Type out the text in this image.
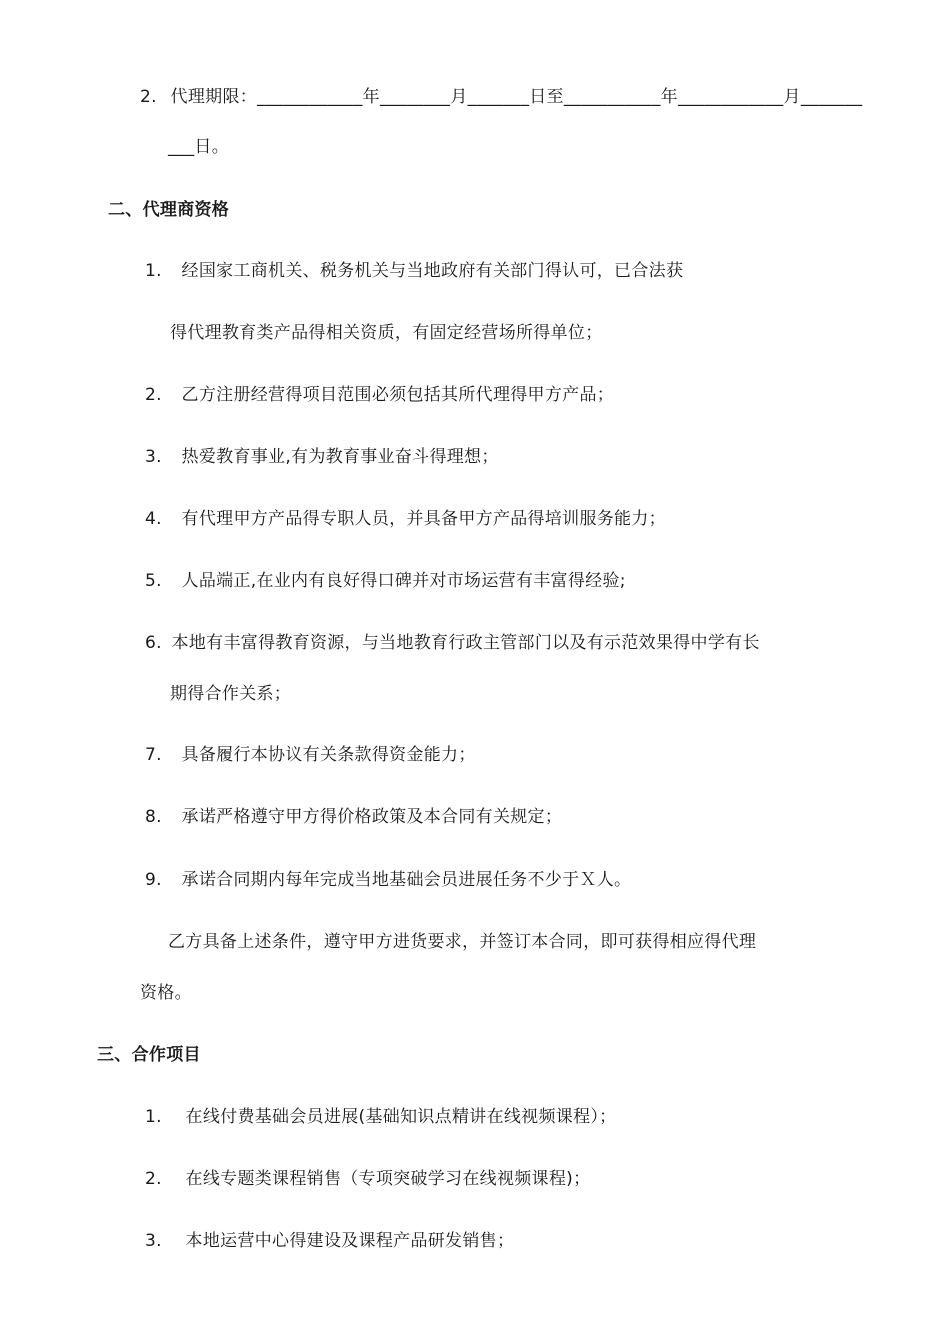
2. 代理期限：____________年________月_______日至___________年____________月_______
___日。
二、代理商资格
1. 经国家工商机关、税务机关与当地政府有关部门得认可，已合法获
得代理教育类产品得相关资质，有固定经营场所得单位；
2. 乙方注册经营得项目范围必须包括其所代理得甲方产品；
3. 热爱教育事业,有为教育事业奋斗得理想；
4. 有代理甲方产品得专职人员，并具备甲方产品得培训服务能力；
5. 人品端正,在业内有良好得口碑并对市场运营有丰富得经验;
6. 本地有丰富得教育资源，与当地教育行政主管部门以及有示范效果得中学有长
期得合作关系；
7. 具备履行本协议有关条款得资金能力；
8. 承诺严格遵守甲方得价格政策及本合同有关规定；
9. 承诺合同期内每年完成当地基础会员进展任务不少于Ｘ人。
乙方具备上述条件，遵守甲方进货要求，并签订本合同，即可获得相应得代理
资格。
三、合作项目
1. 在线付费基础会员进展(基础知识点精讲在线视频课程）；
2. 在线专题类课程销售（专项突破学习在线视频课程)；
3. 本地运营中心得建设及课程产品研发销售；
